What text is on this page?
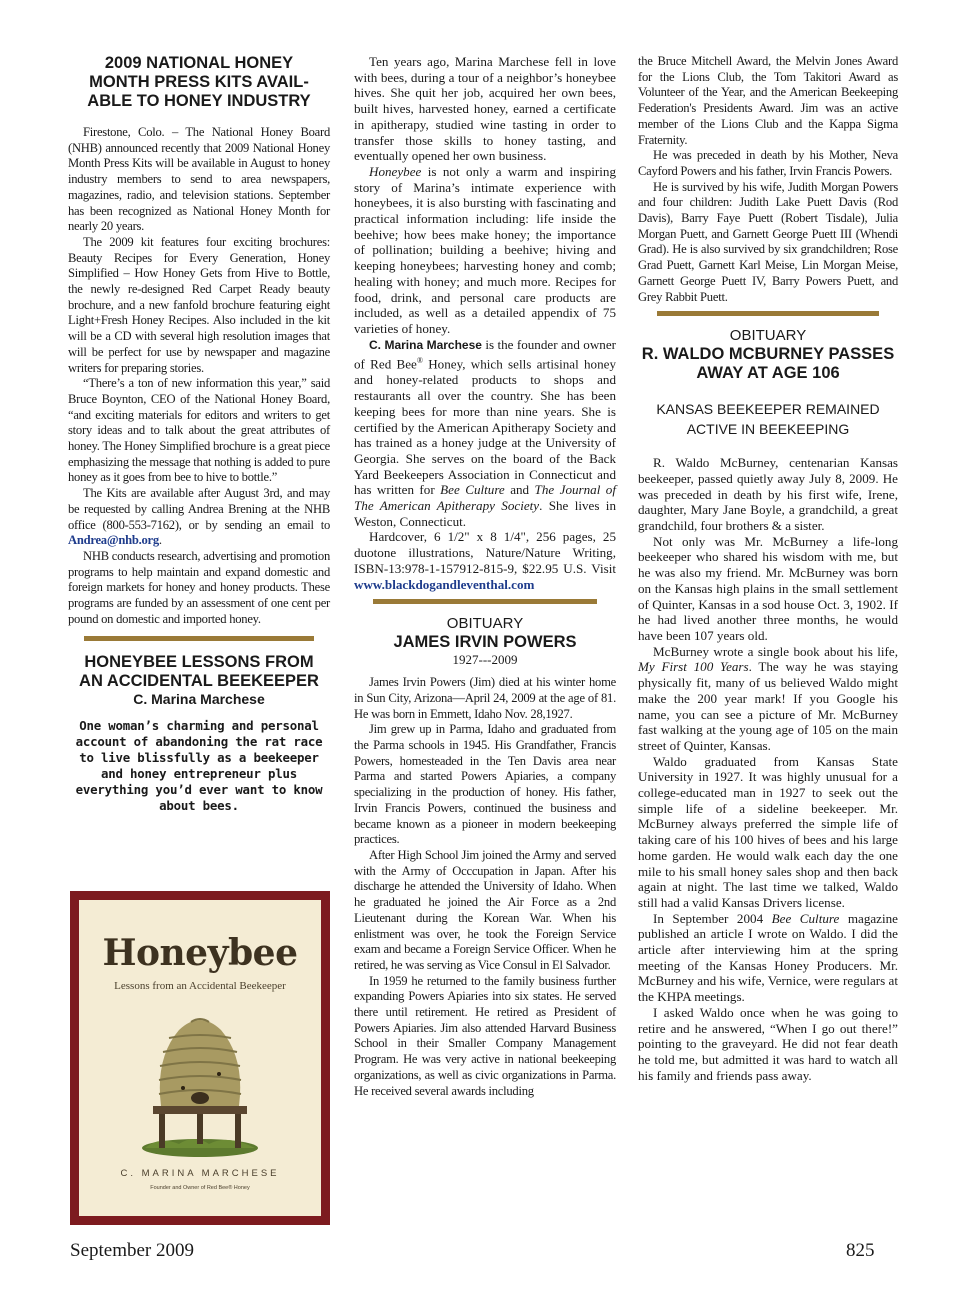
2009 NATIONAL HONEY
MONTH PRESS KITS AVAIL-
ABLE TO HONEY INDUSTRY

Firestone, Colo. – The National Honey Board (NHB) announced recently that 2009 National Honey Month Press Kits will be available in August to honey industry members to send to area newspapers, magazines, radio, and television stations. September has been recognized as National Honey Month for nearly 20 years.

The 2009 kit features four exciting brochures: Beauty Recipes for Every Generation, Honey Simplified – How Honey Gets from Hive to Bottle, the newly re-designed Red Carpet Ready beauty brochure, and a new fanfold brochure featuring eight Light+Fresh Honey Recipes. Also included in the kit will be a CD with several high resolution images that will be perfect for use by newspaper and magazine writers for preparing stories.

“There’s a ton of new information this year,” said Bruce Boynton, CEO of the National Honey Board, “and exciting materials for editors and writers to get story ideas and to talk about the great attributes of honey. The Honey Simplified brochure is a great piece emphasizing the message that nothing is added to pure honey as it goes from bee to hive to bottle.”

The Kits are available after August 3rd, and may be requested by calling Andrea Brening at the NHB office (800-553-7162), or by sending an email to Andrea@nhb.org.

NHB conducts research, advertising and promotion programs to help maintain and expand domestic and foreign markets for honey and honey products. These programs are funded by an assessment of one cent per pound on domestic and imported honey.

HONEYBEE LESSONS FROM
AN ACCIDENTAL BEEKEEPER

C. Marina Marchese

One woman’s charming and personal account of abandoning the rat race to live blissfully as a beekeeper and honey entrepreneur plus everything you’d ever want to know about bees.

Honeybee
Lessons from an Accidental Beekeeper
C. MARINA MARCHESE
Founder and Owner of Red Bee® Honey

Ten years ago, Marina Marchese fell in love with bees, during a tour of a neighbor’s honeybee hives. She quit her job, acquired her own bees, built hives, harvested honey, earned a certificate in apitherapy, studied wine tasting in order to transfer those skills to honey tasting, and eventually opened her own business.

Honeybee is not only a warm and inspiring story of Marina’s intimate experience with honeybees, it is also bursting with fascinating and practical information including: life inside the beehive; how bees make honey; the importance of pollination; building a beehive; hiving and keeping honeybees; harvesting honey and comb; healing with honey; and much more. Recipes for food, drink, and personal care products are included, as well as a detailed appendix of 75 varieties of honey.

C. Marina Marchese is the founder and owner of Red Bee® Honey, which sells artisinal honey and honey-related products to shops and restaurants all over the country. She has been keeping bees for more than nine years. She is certified by the American Apitherapy Society and has trained as a honey judge at the University of Georgia. She serves on the board of the Back Yard Beekeepers Association in Connecticut and has written for Bee Culture and The Journal of The American Apitherapy Society. She lives in Weston, Connecticut.

Hardcover, 6 1/2" x 8 1/4", 256 pages, 25 duotone illustrations, Nature/Nature Writing, ISBN-13:978-1-157912-815-9, $22.95 U.S. Visit www.blackdogandleventhal.com

OBITUARY

JAMES IRVIN POWERS

1927---2009

James Irvin Powers (Jim) died at his winter home in Sun City, Arizona—April 24, 2009 at the age of 81. He was born in Emmett, Idaho Nov. 28,1927.

Jim grew up in Parma, Idaho and graduated from the Parma schools in 1945. His Grandfather, Francis Powers, homesteaded in the Ten Davis area near Parma and started Powers Apiaries, a company specializing in the production of honey. His father, Irvin Francis Powers, continued the business and became known as a pioneer in modern beekeeping practices.

After High School Jim joined the Army and served with the Army of Occcupation in Japan. After his discharge he attended the University of Idaho. When he graduated he joined the Air Force as a 2nd Lieutenant during the Korean War. When his enlistment was over, he took the Foreign Service exam and became a Foreign Service Officer. When he retired, he was serving as Vice Consul in El Salvador.

In 1959 he returned to the family business further expanding Powers Apiaries into six states. He served there until retirement. He retired as President of Powers Apiaries. Jim also attended Harvard Business School in their Smaller Company Management Program. He was very active in national beekeeping organizations, as well as civic organizations in Parma. He received several awards including

the Bruce Mitchell Award, the Melvin Jones Award for the Lions Club, the Tom Takitori Award as Volunteer of the Year, and the American Beekeeping Federation's Presidents Award. Jim was an active member of the Lions Club and the Kappa Sigma Fraternity.

He was preceded in death by his Mother, Neva Cayford Powers and his father, Irvin Francis Powers.

He is survived by his wife, Judith Morgan Powers and four children: Judith Lake Puett Davis (Rod Davis), Barry Faye Puett (Robert Tisdale), Julia Morgan Puett, and Garnett George Puett III (Whendi Grad). He is also survived by six grandchildren; Rose Grad Puett, Garnett Karl Meise, Lin Morgan Meise, Garnett George Puett IV, Barry Powers Puett, and Grey Rabbit Puett.

OBITUARY

R. WALDO MCBURNEY PASSES
AWAY AT AGE 106
KANSAS BEEKEEPER REMAINED
ACTIVE IN BEEKEEPING

R. Waldo McBurney, centenarian Kansas beekeeper, passed quietly away July 8, 2009. He was preceded in death by his first wife, Irene, daughter, Mary Jane Boyle, a grandchild, a great grandchild, four brothers & a sister.

Not only was Mr. McBurney a life-long beekeeper who shared his wisdom with me, but he was also my friend. Mr. McBurney was born on the Kansas high plains in the small settlement of Quinter, Kansas in a sod house Oct. 3, 1902. If he had lived another three months, he would have been 107 years old.

McBurney wrote a single book about his life, My First 100 Years. The way he was staying physically fit, many of us believed Waldo might make the 200 year mark! If you Google his name, you can see a picture of Mr. McBurney fast walking at the young age of 105 on the main street of Quinter, Kansas.

Waldo graduated from Kansas State University in 1927. It was highly unusual for a college-educated man in 1927 to seek out the simple life of a sideline beekeeper. Mr. McBurney always preferred the simple life of taking care of his 100 hives of bees and his large home garden. He would walk each day the one mile to his small honey sales shop and then back again at night. The last time we talked, Waldo still had a valid Kansas Drivers license.

In September 2004 Bee Culture magazine published an article I wrote on Waldo. I did the article after interviewing him at the spring meeting of the Kansas Honey Producers. Mr. McBurney and his wife, Vernice, were regulars at the KHPA meetings.

I asked Waldo once when he was going to retire and he answered, “When I go out there!” pointing to the graveyard. He did not fear death he told me, but admitted it was hard to watch all his family and friends pass away.

September 2009	825
